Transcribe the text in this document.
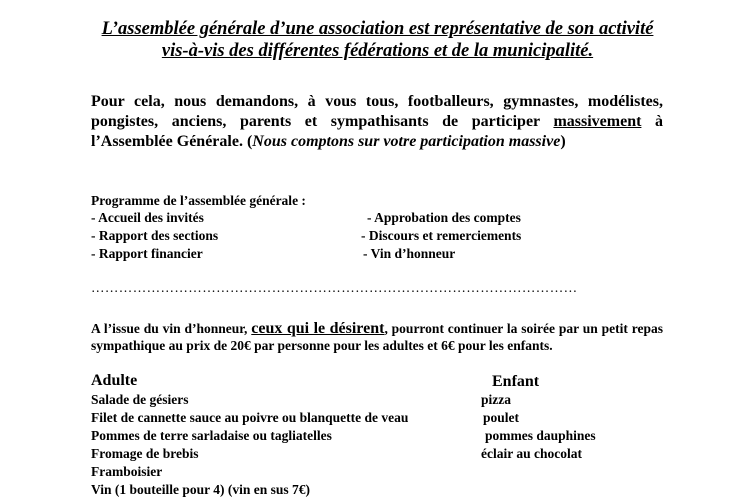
L’assemblée générale d’une association est représentative de son activité vis-à-vis des différentes fédérations et de la municipalité.
Pour cela, nous demandons, à vous tous, footballeurs, gymnastes, modélistes, pongistes, anciens, parents et sympathisants de participer massivement à l’Assemblée Générale. (Nous comptons sur votre participation massive)
Programme de l’assemblée générale :
- Accueil des invités
- Rapport des sections
- Rapport financier
- Approbation des comptes
- Discours et remerciements
- Vin d’honneur
……………………………………………………………………………………………
A l’issue du vin d’honneur, ceux qui le désirent, pourront continuer la soirée par un petit repas sympathique au prix de 20€ par personne pour les adultes et 6€ pour les enfants.
Adulte	Enfant
Salade de gésiers
Filet de cannette sauce au poivre ou blanquette de veau
Pommes de terre sarladaise ou tagliatelles
Fromage de brebis
Framboisier
Vin (1 bouteille pour 4) (vin en sus 7€)
pizza
poulet
pommes dauphines
éclair au chocolat
